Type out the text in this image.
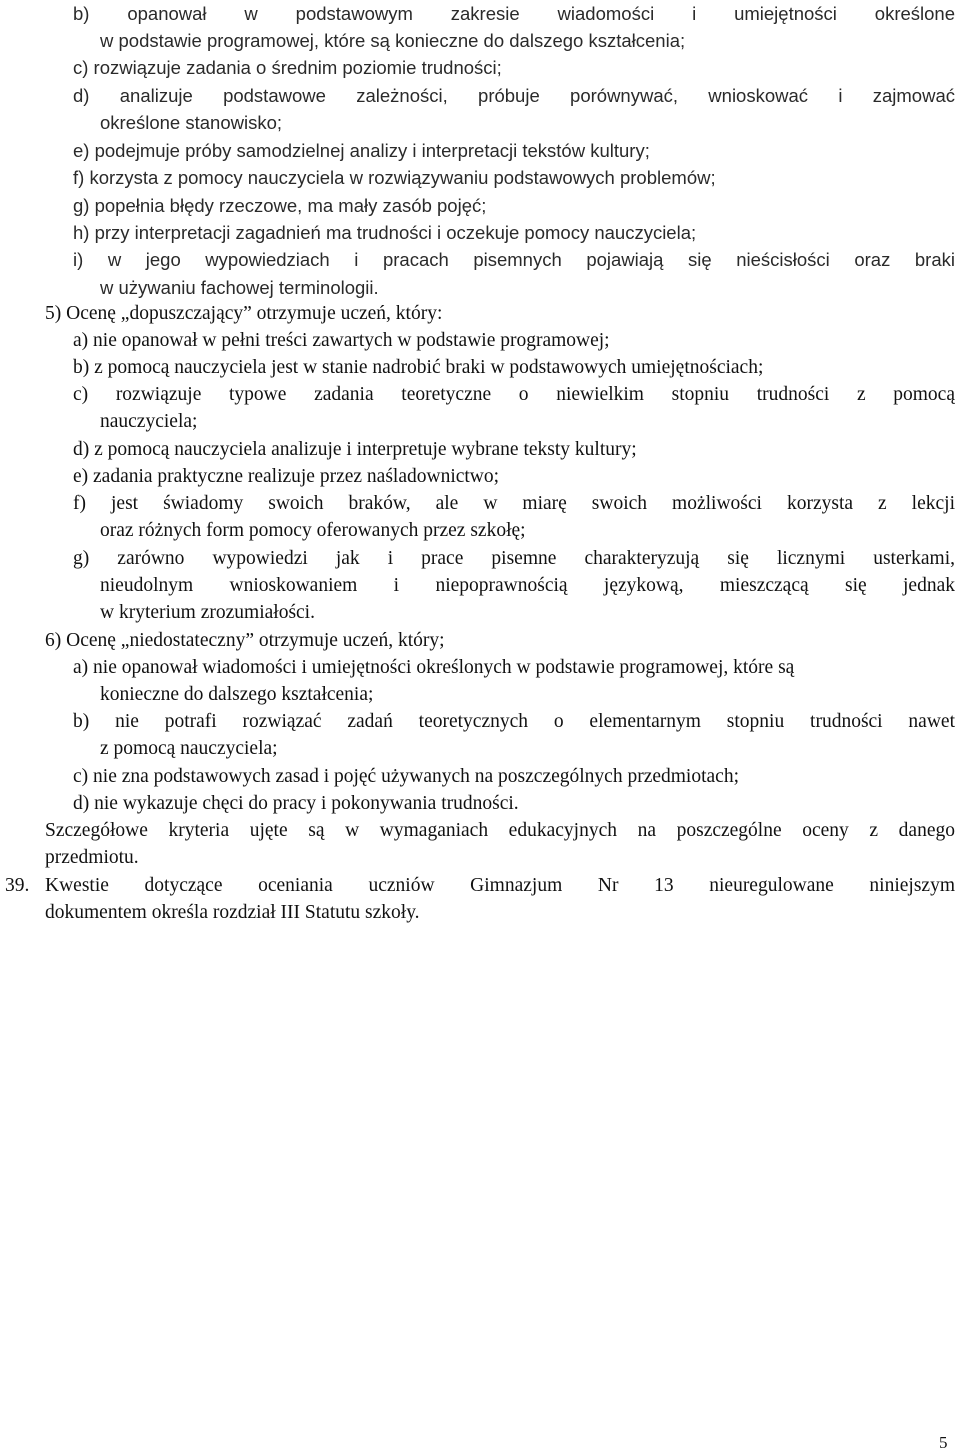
b) opanował w podstawowym zakresie wiadomości i umiejętności określone
w podstawie programowej, które są konieczne do dalszego kształcenia;
c) rozwiązuje zadania o średnim poziomie trudności;
d) analizuje podstawowe zależności, próbuje porównywać, wnioskować i zajmować
określone stanowisko;
e) podejmuje próby samodzielnej analizy i interpretacji tekstów kultury;
f) korzysta z pomocy nauczyciela w rozwiązywaniu podstawowych problemów;
g) popełnia błędy rzeczowe, ma mały zasób pojęć;
h) przy interpretacji zagadnień ma trudności i oczekuje pomocy nauczyciela;
i) w jego wypowiedziach i pracach pisemnych pojawiają się nieścisłości oraz braki
w używaniu fachowej terminologii.
5) Ocenę „dopuszczający” otrzymuje uczeń, który:
a) nie opanował w pełni treści zawartych w podstawie programowej;
b) z pomocą nauczyciela jest w stanie nadrobić braki w podstawowych umiejętnościach;
c) rozwiązuje typowe zadania teoretyczne o niewielkim stopniu trudności z pomocą
nauczyciela;
d) z pomocą nauczyciela analizuje i interpretuje wybrane teksty kultury;
e) zadania praktyczne realizuje przez naśladownictwo;
f) jest świadomy swoich braków, ale w miarę swoich możliwości korzysta z lekcji
oraz różnych form pomocy oferowanych przez szkołę;
g) zarówno wypowiedzi jak i prace pisemne charakteryzują się licznymi usterkami,
nieudolnym wnioskowaniem i niepoprawnością językową, mieszczącą się jednak
w kryterium zrozumiałości.
6) Ocenę „niedostateczny” otrzymuje uczeń, który;
a) nie opanował wiadomości i umiejętności określonych w podstawie programowej, które są
konieczne do dalszego kształcenia;
b) nie potrafi rozwiązać zadań teoretycznych o elementarnym stopniu trudności nawet
z pomocą nauczyciela;
c) nie zna podstawowych zasad i pojęć używanych na poszczególnych przedmiotach;
d) nie wykazuje chęci do pracy i pokonywania trudności.
Szczegółowe kryteria ujęte są w wymaganiach edukacyjnych na poszczególne oceny z danego
przedmiotu.
39. Kwestie dotyczące oceniania uczniów Gimnazjum Nr 13 nieuregulowane niniejszym
dokumentem określa rozdział III Statutu szkoły.
5
